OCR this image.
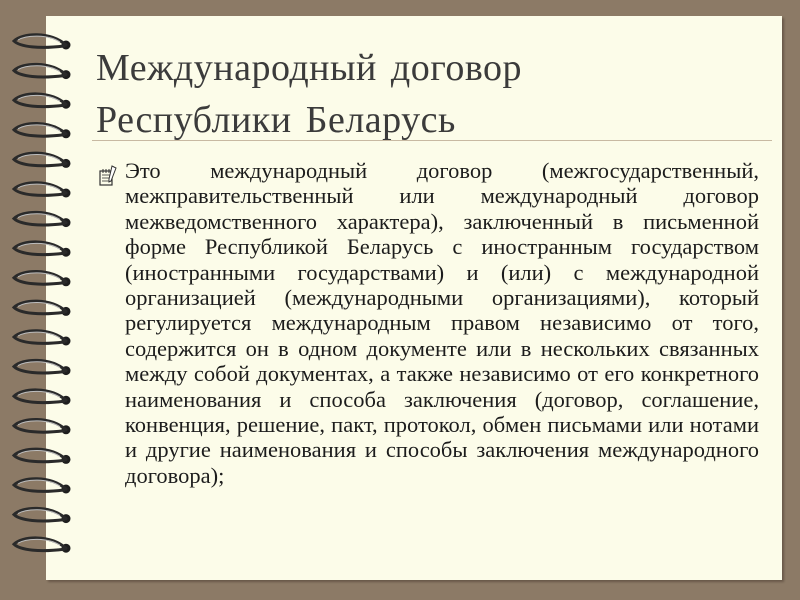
Международный договор
Республики Беларусь
Это международный договор (межгосударственный, межправительственный или международный договор межведомственного характера), заключенный в письменной форме Республикой Беларусь с иностранным государством (иностранными государствами) и (или) с международной организацией (международными организациями), который регулируется международным правом независимо от того, содержится он в одном документе или в нескольких связанных между собой документах, а также независимо от его конкретного наименования и способа заключения (договор, соглашение, конвенция, решение, пакт, протокол, обмен письмами или нотами и другие наименования и способы заключения международного договора);
